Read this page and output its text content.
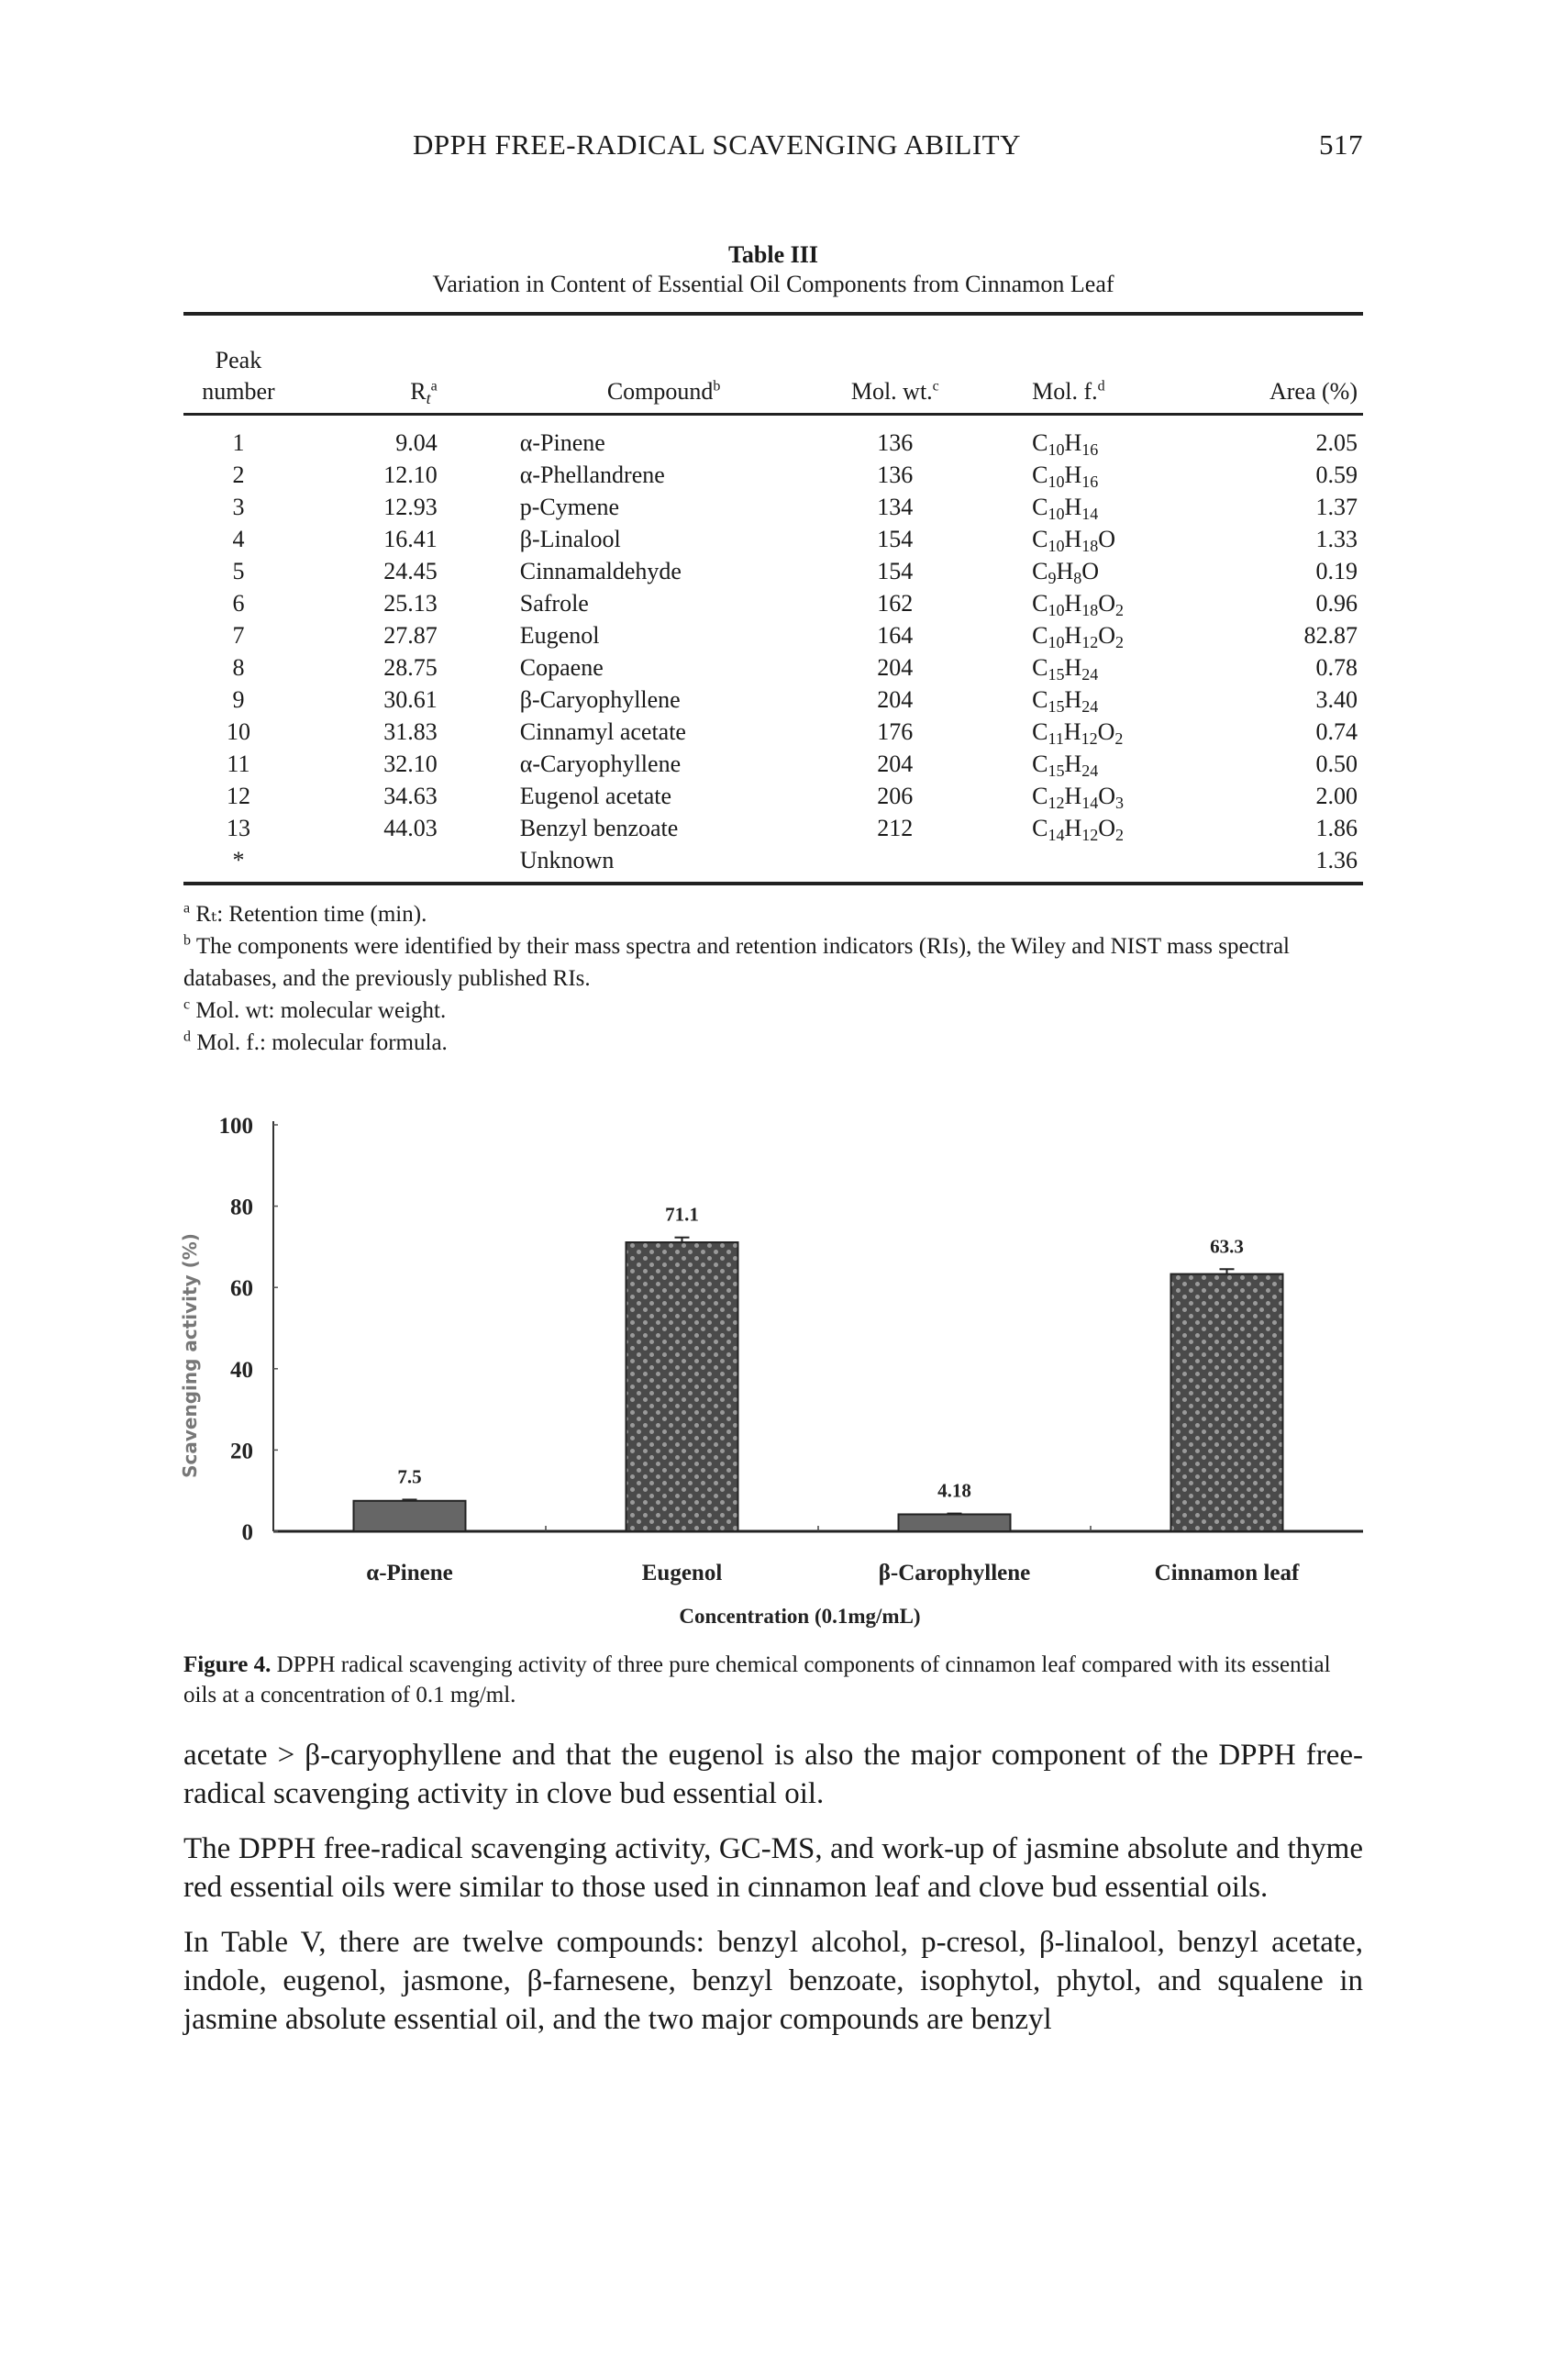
DPPH FREE-RADICAL SCAVENGING ABILITY	517
Table III
Variation in Content of Essential Oil Components from Cinnamon Leaf
Peak
number	$R_t^a$	Compound$^b$	Mol. wt.$^c$	Mol. f.$^d$	Area (%)
1	9.04	α-Pinene	136	$C_{10}H_{16}$	2.05
2	12.10	α-Phellandrene	136	$C_{10}H_{16}$	0.59
3	12.93	p-Cymene	134	$C_{10}H_{14}$	1.37
4	16.41	β-Linalool	154	$C_{10}H_{18}O$	1.33
5	24.45	Cinnamaldehyde	154	$C_9H_8O$	0.19
6	25.13	Safrole	162	$C_{10}H_{18}O_2$	0.96
7	27.87	Eugenol	164	$C_{10}H_{12}O_2$	82.87
8	28.75	Copaene	204	$C_{15}H_{24}$	0.78
9	30.61	β-Caryophyllene	204	$C_{15}H_{24}$	3.40
10	31.83	Cinnamyl acetate	176	$C_{11}H_{12}O_2$	0.74
11	32.10	α-Caryophyllene	204	$C_{15}H_{24}$	0.50
12	34.63	Eugenol acetate	206	$C_{12}H_{14}O_3$	2.00
13	44.03	Benzyl benzoate	212	$C_{14}H_{12}O_2$	1.86
*		Unknown			1.36
$^a$ Rₜ: Retention time (min).
$^b$ The components were identified by their mass spectra and retention indicators (RIs), the Wiley and NIST mass spectral databases, and the previously published RIs.
$^c$ Mol. wt: molecular weight.
$^d$ Mol. f.: molecular formula.
0
20
40
60
80
100
7.5
α-Pinene
71.1
Eugenol
4.18
β-Carophyllene
63.3
Cinnamon leaf
Concentration (0.1mg/mL)
Scavenging activity (%)
Figure 4. DPPH radical scavenging activity of three pure chemical components of cinnamon leaf compared with its essential oils at a concentration of 0.1 mg/ml.

acetate > β-caryophyllene and that the eugenol is also the major component of the DPPH free-radical scavenging activity in clove bud essential oil.

The DPPH free-radical scavenging activity, GC-MS, and work-up of jasmine absolute and thyme red essential oils were similar to those used in cinnamon leaf and clove bud essential oils.

In Table V, there are twelve compounds: benzyl alcohol, p-cresol, β-linalool, benzyl acetate, indole, eugenol, jasmone, β-farnesene, benzyl benzoate, isophytol, phytol, and squalene in jasmine absolute essential oil, and the two major compounds are benzyl
